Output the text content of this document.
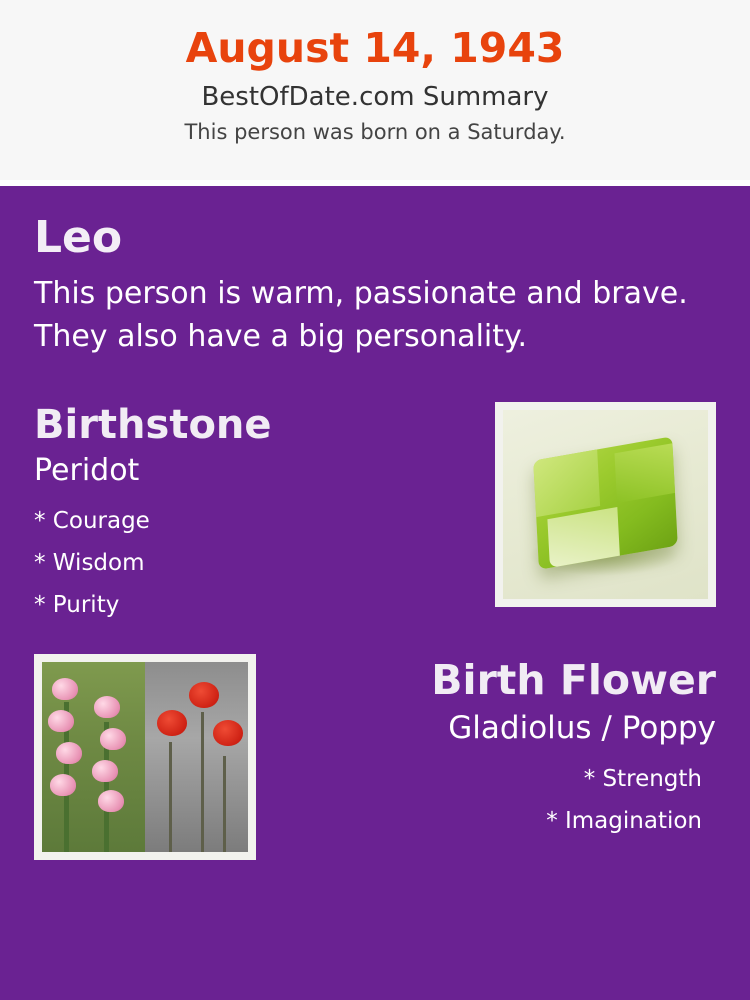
August 14, 1943
BestOfDate.com Summary
This person was born on a Saturday.
Leo
This person is warm, passionate and brave. They also have a big personality.
Birthstone
Peridot
* Courage
* Wisdom
* Purity
Birth Flower
Gladiolus / Poppy
* Strength
* Imagination
